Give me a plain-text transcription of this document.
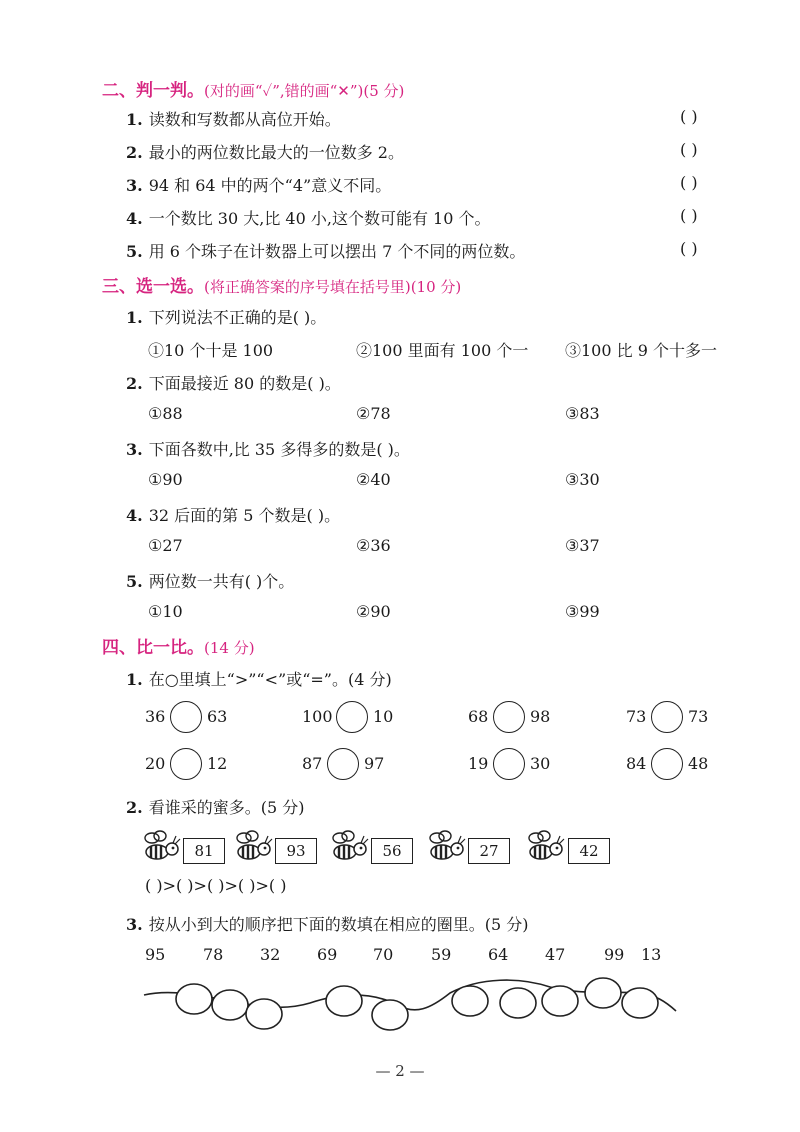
二、判一判。(对的画“✓”,错的画“✕”)(5 分)
1. 读数和写数都从高位开始。	( )
2. 最小的两位数比最大的一位数多 2。	( )
3. 94 和 64 中的两个“4”意义不同。	( )
4. 一个数比 30 大,比 40 小,这个数可能有 10 个。	( )
5. 用 6 个珠子在计数器上可以摆出 7 个不同的两位数。	( )
三、选一选。(将正确答案的序号填在括号里)(10 分)
1. 下列说法不正确的是( )。
①10 个十是 100	②100 里面有 100 个一 ③100 比 9 个十多一
2. 下面最接近 80 的数是( )。
①88	②78	③83
3. 下面各数中,比 35 多得多的数是( )。
①90	②40	③30
4. 32 后面的第 5 个数是( )。
①27	②36	③37
5. 两位数一共有( )个。
①10	②90	③99
四、比一比。(14 分)
1. 在○里填上“>”“<”或“=”。(4 分)
36	63	100	10	68	98	73	73
20	12	87	97	19	30	84	48
2. 看谁采的蜜多。(5 分)
81	93	56	27	42
( )>( )>( )>( )>( )
3. 按从小到大的顺序把下面的数填在相应的圈里。(5 分)
95 78 32 69 70 59 64 47 99 13
— 2 —
